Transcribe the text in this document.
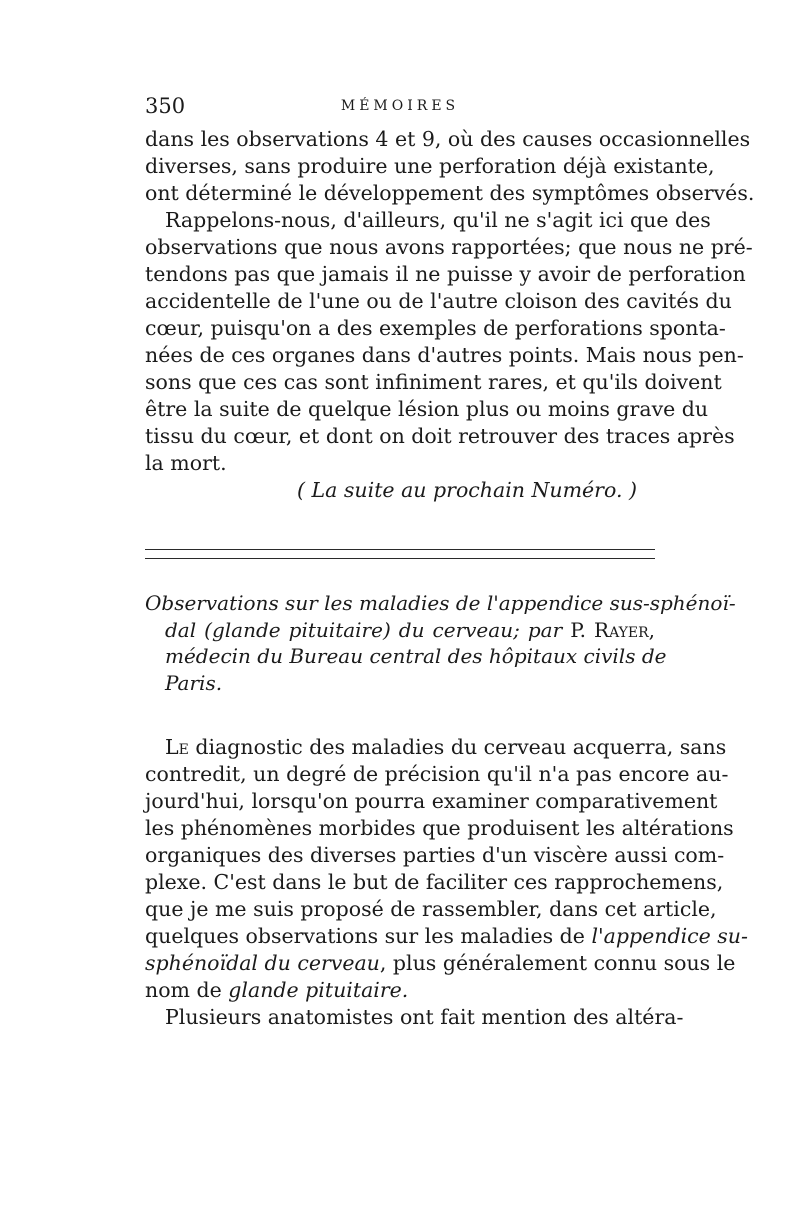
350	MÉMOIRES
dans les observations 4 et 9, où des causes occasionnelles
diverses, sans produire une perforation déjà existante,
ont déterminé le développement des symptômes observés.
Rappelons-nous, d'ailleurs, qu'il ne s'agit ici que des
observations que nous avons rapportées; que nous ne pré-
tendons pas que jamais il ne puisse y avoir de perforation
accidentelle de l'une ou de l'autre cloison des cavités du
cœur, puisqu'on a des exemples de perforations sponta-
nées de ces organes dans d'autres points. Mais nous pen-
sons que ces cas sont infiniment rares, et qu'ils doivent
être la suite de quelque lésion plus ou moins grave du
tissu du cœur, et dont on doit retrouver des traces après
la mort.
( La suite au prochain Numéro. )
Observations sur les maladies de l'appendice sus-sphénoï-
dal (glande pituitaire) du cerveau; par P. Rayer,
médecin du Bureau central des hôpitaux civils de
Paris.
Le diagnostic des maladies du cerveau acquerra, sans
contredit, un degré de précision qu'il n'a pas encore au-
jourd'hui, lorsqu'on pourra examiner comparativement
les phénomènes morbides que produisent les altérations
organiques des diverses parties d'un viscère aussi com-
plexe. C'est dans le but de faciliter ces rapprochemens,
que je me suis proposé de rassembler, dans cet article,
quelques observations sur les maladies de l'appendice su-
sphénoïdal du cerveau, plus généralement connu sous le
nom de glande pituitaire.
Plusieurs anatomistes ont fait mention des altéra-
